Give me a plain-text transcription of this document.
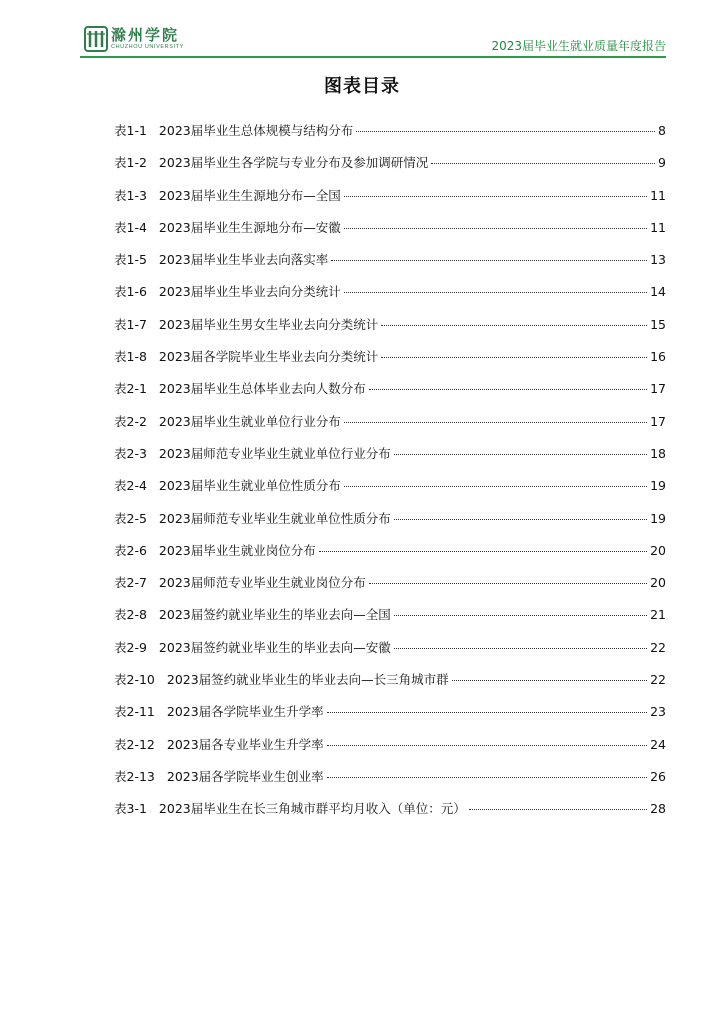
滁州学院
CHUZHOU UNIVERSITY	2023届毕业生就业质量年度报告
图表目录
表1-1 2023届毕业生总体规模与结构分布	8
表1-2 2023届毕业生各学院与专业分布及参加调研情况	9
表1-3 2023届毕业生生源地分布—全国	11
表1-4 2023届毕业生生源地分布—安徽	11
表1-5 2023届毕业生毕业去向落实率	13
表1-6 2023届毕业生毕业去向分类统计	14
表1-7 2023届毕业生男女生毕业去向分类统计	15
表1-8 2023届各学院毕业生毕业去向分类统计	16
表2-1 2023届毕业生总体毕业去向人数分布	17
表2-2 2023届毕业生就业单位行业分布	17
表2-3 2023届师范专业毕业生就业单位行业分布	18
表2-4 2023届毕业生就业单位性质分布	19
表2-5 2023届师范专业毕业生就业单位性质分布	19
表2-6 2023届毕业生就业岗位分布	20
表2-7 2023届师范专业毕业生就业岗位分布	20
表2-8 2023届签约就业毕业生的毕业去向—全国	21
表2-9 2023届签约就业毕业生的毕业去向—安徽	22
表2-10 2023届签约就业毕业生的毕业去向—长三角城市群	22
表2-11 2023届各学院毕业生升学率	23
表2-12 2023届各专业毕业生升学率	24
表2-13 2023届各学院毕业生创业率	26
表3-1 2023届毕业生在长三角城市群平均月收入（单位：元）	28
